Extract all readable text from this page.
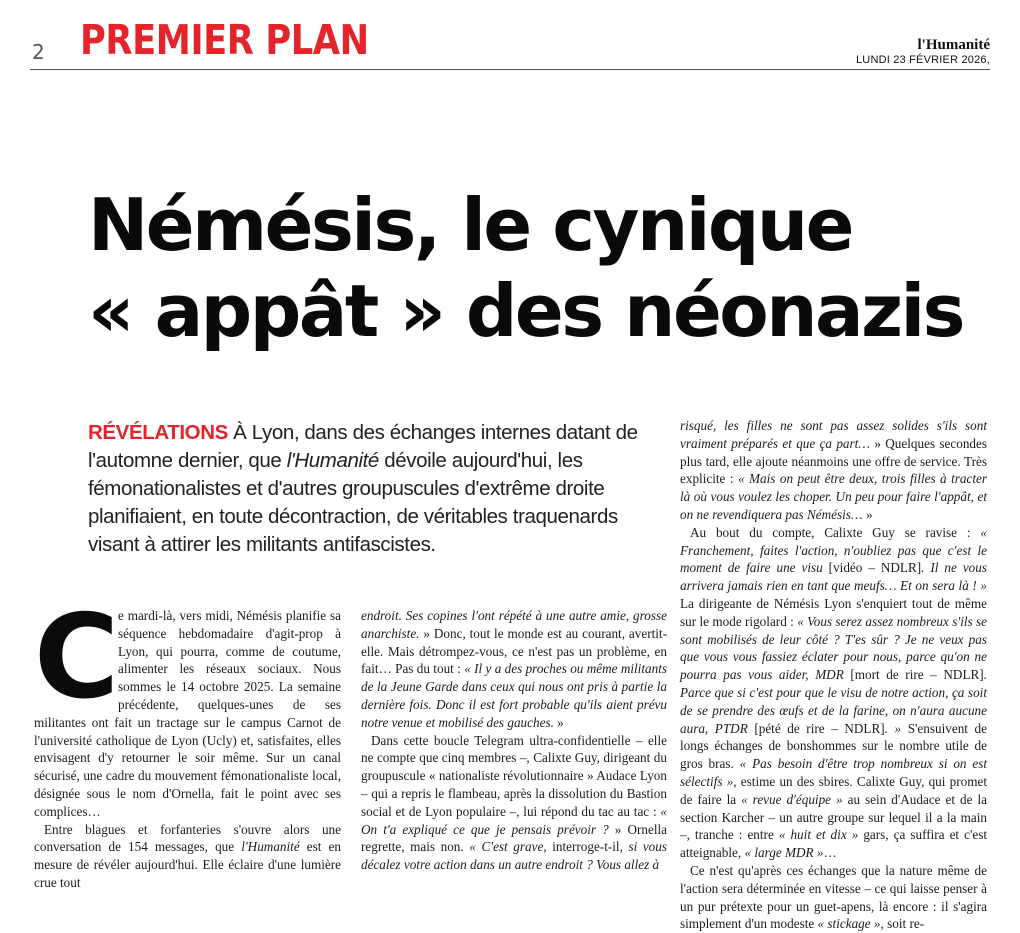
2 PREMIER PLAN	l'Humanité
LUNDI 23 FÉVRIER 2026,
Némésis, le cynique
« appât » des néonazis
RÉVÉLATIONS À Lyon, dans des échanges internes datant de l'automne dernier, que l'Humanité dévoile aujourd'hui, les fémonationalistes et d'autres groupuscules d'extrême droite planifiaient, en toute décontraction, de véritables traquenards visant à attirer les militants antifascistes.
C

e mardi-là, vers midi, Némésis planifie sa séquence hebdomadaire d'agit-prop à Lyon, qui pourra, comme de coutume, alimenter les réseaux sociaux. Nous sommes le 14 octobre 2025. La semaine précédente, quelques-unes de ses militantes ont fait un tractage sur le campus Carnot de l'université catholique de Lyon (Ucly) et, satisfaites, elles envisagent d'y retourner le soir même. Sur un canal sécurisé, une cadre du mouvement fémonationaliste local, désignée sous le nom d'Ornella, fait le point avec ses complices…

Entre blagues et forfanteries s'ouvre alors une conversation de 154 messages, que l'Humanité est en mesure de révéler aujourd'hui. Elle éclaire d'une lumière crue tout

endroit. Ses copines l'ont répété à une autre amie, grosse anarchiste. » Donc, tout le monde est au courant, avertit-elle. Mais détrompez-vous, ce n'est pas un problème, en fait… Pas du tout : « Il y a des proches ou même militants de la Jeune Garde dans ceux qui nous ont pris à partie la dernière fois. Donc il est fort probable qu'ils aient prévu notre venue et mobilisé des gauches. »

Dans cette boucle Telegram ultra-confidentielle – elle ne compte que cinq membres –, Calixte Guy, dirigeant du groupuscule « nationaliste révolutionnaire » Audace Lyon – qui a repris le flambeau, après la dissolution du Bastion social et de Lyon populaire –, lui répond du tac au tac : « On t'a expliqué ce que je pensais prévoir ? » Ornella regrette, mais non. « C'est grave, interroge-t-il, si vous décalez votre action dans un autre endroit ? Vous allez à

risqué, les filles ne sont pas assez solides s'ils sont vraiment préparés et que ça part… » Quelques secondes plus tard, elle ajoute néanmoins une offre de service. Très explicite : « Mais on peut être deux, trois filles à tracter là où vous voulez les choper. Un peu pour faire l'appât, et on ne revendiquera pas Némésis… »

Au bout du compte, Calixte Guy se ravise : « Franchement, faites l'action, n'oubliez pas que c'est le moment de faire une visu [vidéo – NDLR]. Il ne vous arrivera jamais rien en tant que meufs… Et on sera là ! » La dirigeante de Némésis Lyon s'enquiert tout de même sur le mode rigolard : « Vous serez assez nombreux s'ils se sont mobilisés de leur côté ? T'es sûr ? Je ne veux pas que vous vous fassiez éclater pour nous, parce qu'on ne pourra pas vous aider, MDR [mort de rire – NDLR]. Parce que si c'est pour que le visu de notre action, ça soit de se prendre des œufs et de la farine, on n'aura aucune aura, PTDR [pété de rire – NDLR]. » S'ensuivent de longs échanges de bonshommes sur le nombre utile de gros bras. « Pas besoin d'être trop nombreux si on est sélectifs », estime un des sbires. Calixte Guy, qui promet de faire la « revue d'équipe » au sein d'Audace et de la section Karcher – un autre groupe sur lequel il a la main –, tranche : entre « huit et dix » gars, ça suffira et c'est atteignable, « large MDR »…

Ce n'est qu'après ces échanges que la nature même de l'action sera déterminée en vitesse – ce qui laisse penser à un pur prétexte pour un guet-apens, là encore : il s'agira simplement d'un modeste « stickage », soit re-
